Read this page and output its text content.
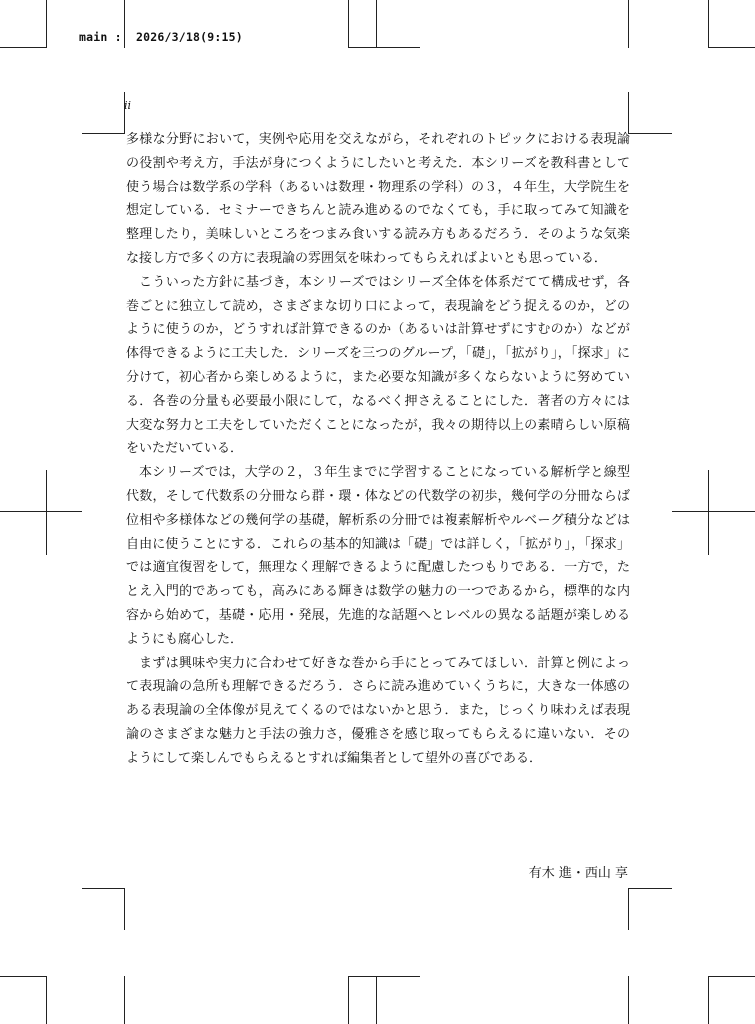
main :  2026/3/18(9:15)
ii

多様な分野において，実例や応用を交えながら，それぞれのトピックにおける表現論の役割や考え方，手法が身につくようにしたいと考えた．本シリーズを教科書として使う場合は数学系の学科（あるいは数理・物理系の学科）の３，４年生，大学院生を想定している．セミナーできちんと読み進めるのでなくても，手に取ってみて知識を整理したり，美味しいところをつまみ食いする読み方もあるだろう．そのような気楽な接し方で多くの方に表現論の雰囲気を味わってもらえればよいとも思っている．

こういった方針に基づき，本シリーズではシリーズ全体を体系だてて構成せず，各巻ごとに独立して読め，さまざまな切り口によって，表現論をどう捉えるのか，どのように使うのか，どうすれば計算できるのか（あるいは計算せずにすむのか）などが体得できるように工夫した．シリーズを三つのグループ，「礎」，「拡がり」，「探求」に分けて，初心者から楽しめるように，また必要な知識が多くならないように努めている．各巻の分量も必要最小限にして，なるべく押さえることにした．著者の方々には大変な努力と工夫をしていただくことになったが，我々の期待以上の素晴らしい原稿をいただいている．

本シリーズでは，大学の２，３年生までに学習することになっている解析学と線型代数，そして代数系の分冊なら群・環・体などの代数学の初歩，幾何学の分冊ならば位相や多様体などの幾何学の基礎，解析系の分冊では複素解析やルベーグ積分などは自由に使うことにする．これらの基本的知識は「礎」では詳しく，「拡がり」，「探求」では適宜復習をして，無理なく理解できるように配慮したつもりである．一方で，たとえ入門的であっても，高みにある輝きは数学の魅力の一つであるから，標準的な内容から始めて，基礎・応用・発展，先進的な話題へとレベルの異なる話題が楽しめるようにも腐心した．

まずは興味や実力に合わせて好きな巻から手にとってみてほしい．計算と例によって表現論の急所も理解できるだろう．さらに読み進めていくうちに，大きな一体感のある表現論の全体像が見えてくるのではないかと思う．また，じっくり味わえば表現論のさまざまな魅力と手法の強力さ，優雅さを感じ取ってもらえるに違いない．そのようにして楽しんでもらえるとすれば編集者として望外の喜びである．

有木 進・西山 享
